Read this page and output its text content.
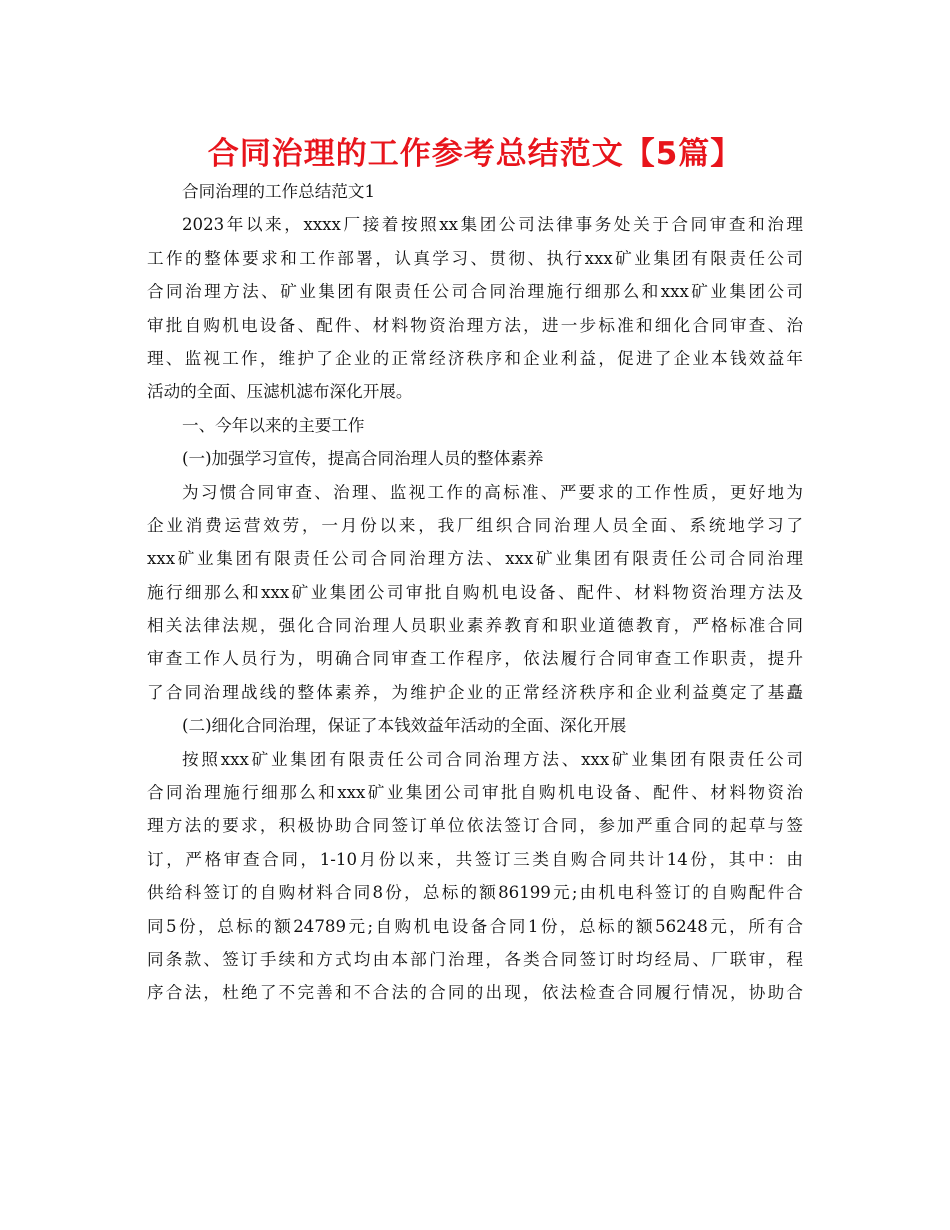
合同治理的工作参考总结范文【5篇】
合同治理的工作总结范文1
2023年以来，xxxx厂接着按照xx集团公司法律事务处关于合同审查和治理
工作的整体要求和工作部署，认真学习、贯彻、执行xxx矿业集团有限责任公司
合同治理方法、矿业集团有限责任公司合同治理施行细那么和xxx矿业集团公司
审批自购机电设备、配件、材料物资治理方法，进一步标准和细化合同审查、治
理、监视工作，维护了企业的正常经济秩序和企业利益，促进了企业本钱效益年
活动的全面、压滤机滤布深化开展。
一、今年以来的主要工作
(一)加强学习宣传，提高合同治理人员的整体素养
为习惯合同审查、治理、监视工作的高标准、严要求的工作性质，更好地为
企业消费运营效劳，一月份以来，我厂组织合同治理人员全面、系统地学习了
xxx矿业集团有限责任公司合同治理方法、xxx矿业集团有限责任公司合同治理
施行细那么和xxx矿业集团公司审批自购机电设备、配件、材料物资治理方法及
相关法律法规，强化合同治理人员职业素养教育和职业道德教育，严格标准合同
审查工作人员行为，明确合同审查工作程序，依法履行合同审查工作职责，提升
了合同治理战线的整体素养，为维护企业的正常经济秩序和企业利益奠定了基矗
(二)细化合同治理，保证了本钱效益年活动的全面、深化开展
按照xxx矿业集团有限责任公司合同治理方法、xxx矿业集团有限责任公司
合同治理施行细那么和xxx矿业集团公司审批自购机电设备、配件、材料物资治
理方法的要求，积极协助合同签订单位依法签订合同，参加严重合同的起草与签
订，严格审查合同，1-10月份以来，共签订三类自购合同共计14份，其中：由
供给科签订的自购材料合同8份，总标的额86199元;由机电科签订的自购配件合
同5份，总标的额24789元;自购机电设备合同1份，总标的额56248元，所有合
同条款、签订手续和方式均由本部门治理，各类合同签订时均经局、厂联审，程
序合法，杜绝了不完善和不合法的合同的出现，依法检查合同履行情况，协助合
